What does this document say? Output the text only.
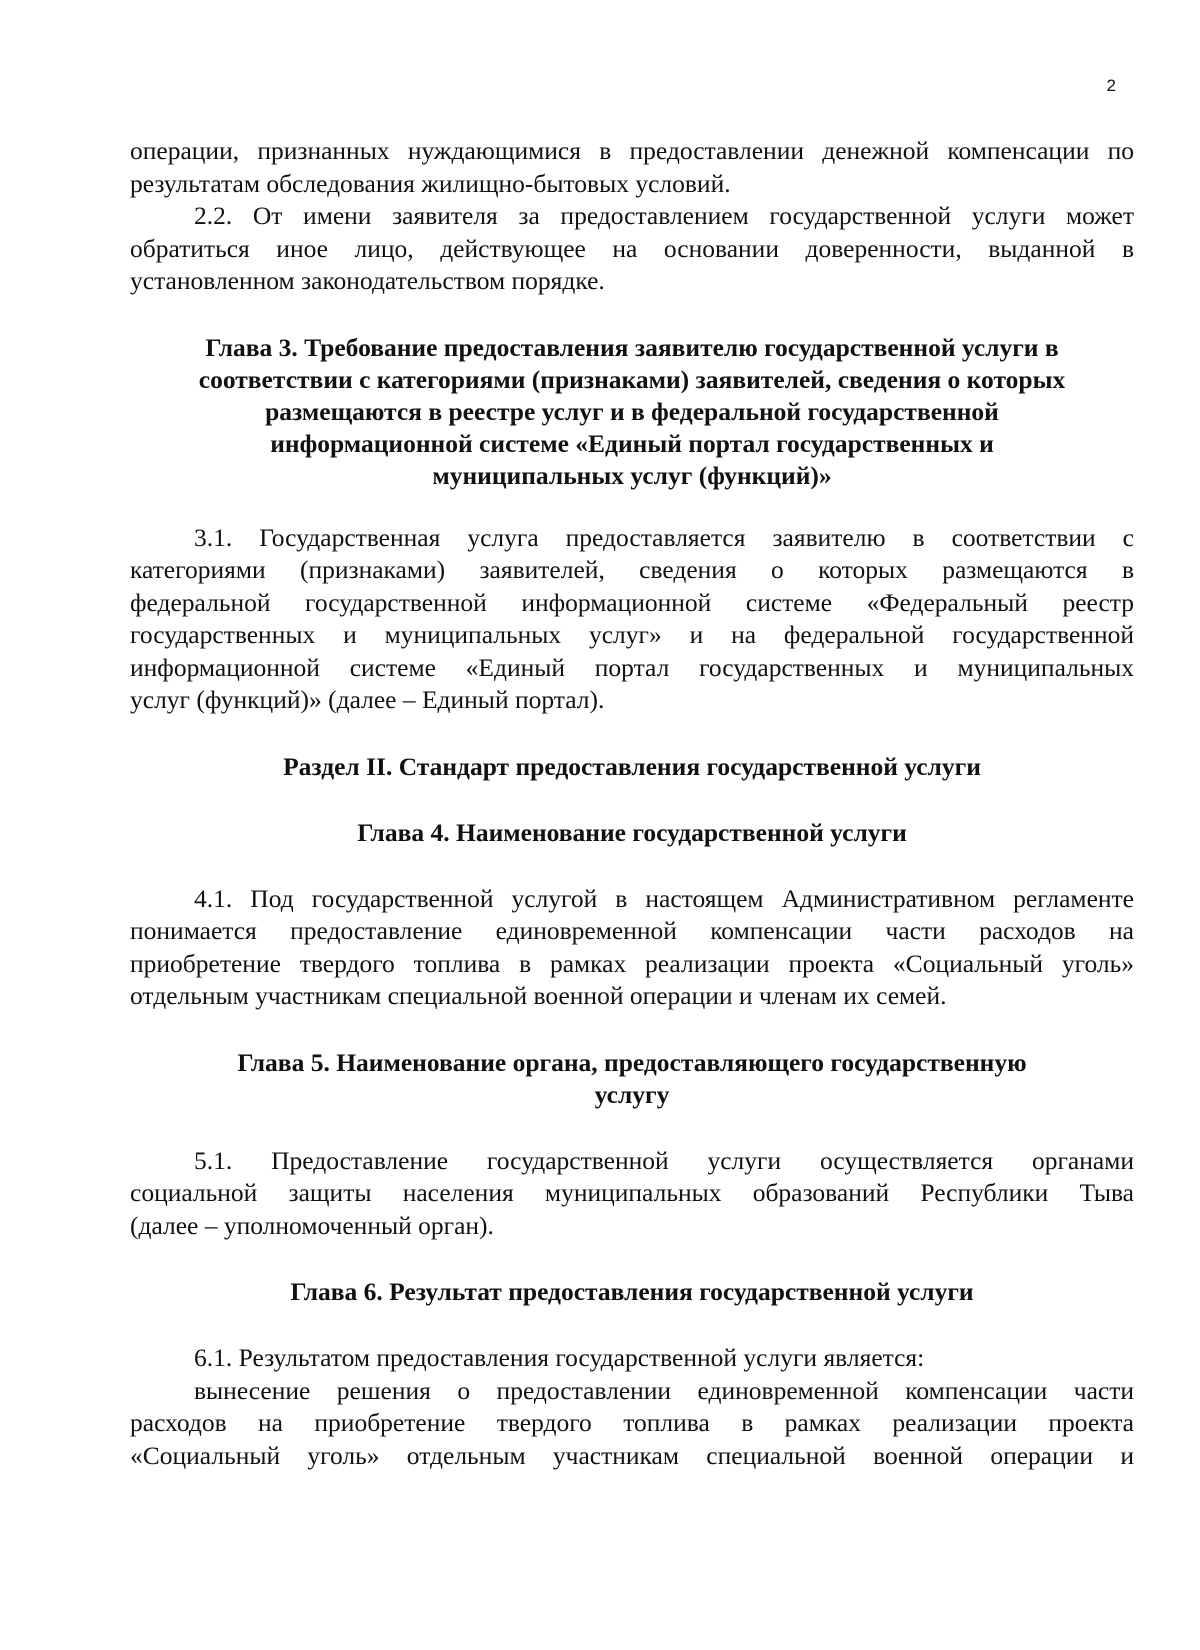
2
операции, признанных нуждающимися в предоставлении денежной компенсации по
результатам обследования жилищно-бытовых условий.
2.2. От имени заявителя за предоставлением государственной услуги может
обратиться иное лицо, действующее на основании доверенности, выданной в
установленном законодательством порядке.
Глава 3. Требование предоставления заявителю государственной услуги в
соответствии с категориями (признаками) заявителей, сведения о которых
размещаются в реестре услуг и в федеральной государственной
информационной системе «Единый портал государственных и
муниципальных услуг (функций)»
3.1. Государственная услуга предоставляется заявителю в соответствии с
категориями (признаками) заявителей, сведения о которых размещаются в
федеральной государственной информационной системе «Федеральный реестр
государственных и муниципальных услуг» и на федеральной государственной
информационной системе «Единый портал государственных и муниципальных
услуг (функций)» (далее – Единый портал).
Раздел II. Стандарт предоставления государственной услуги
Глава 4. Наименование государственной услуги
4.1. Под государственной услугой в настоящем Административном регламенте
понимается предоставление единовременной компенсации части расходов на
приобретение твердого топлива в рамках реализации проекта «Социальный уголь»
отдельным участникам специальной военной операции и членам их семей.
Глава 5. Наименование органа, предоставляющего государственную
услугу
5.1. Предоставление государственной услуги осуществляется органами
социальной защиты населения муниципальных образований Республики Тыва
(далее – уполномоченный орган).
Глава 6. Результат предоставления государственной услуги
6.1. Результатом предоставления государственной услуги является:
вынесение решения о предоставлении единовременной компенсации части
расходов на приобретение твердого топлива в рамках реализации проекта
«Социальный уголь» отдельным участникам специальной военной операции и
